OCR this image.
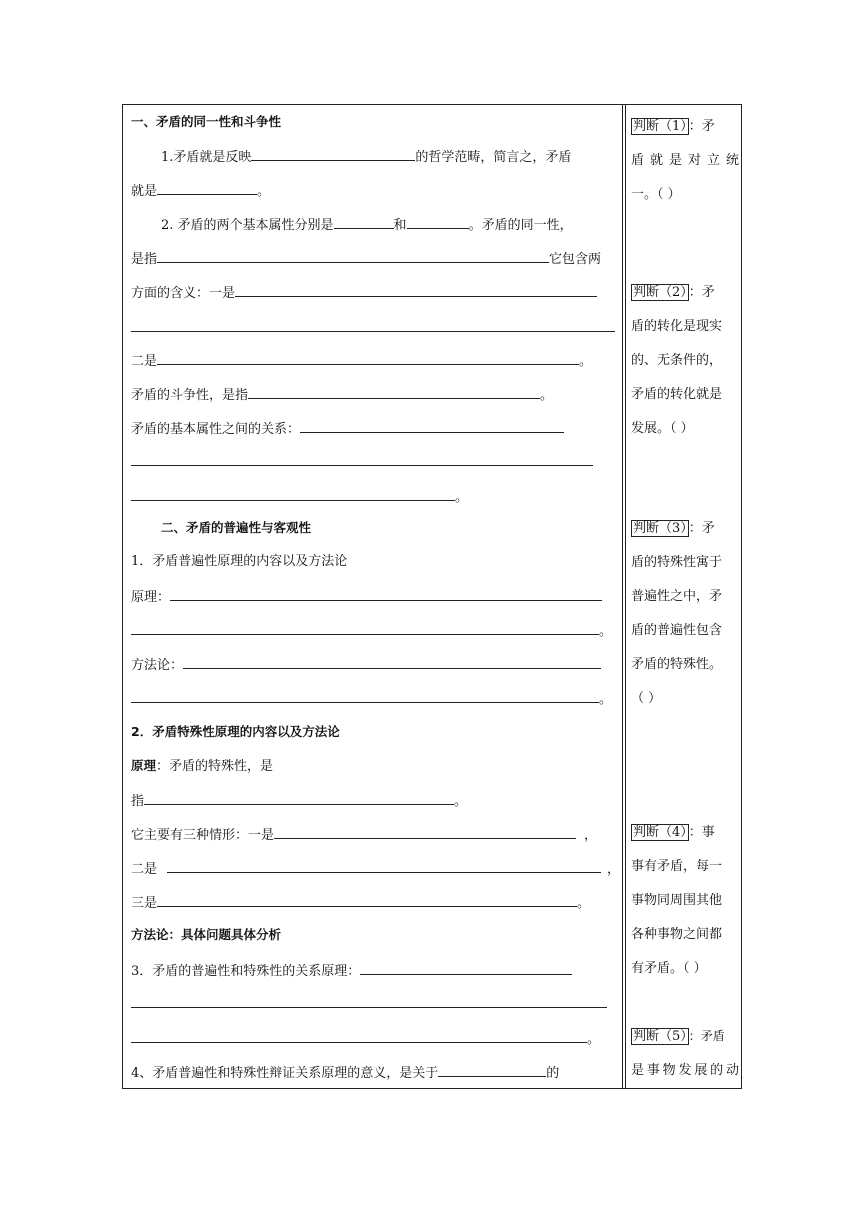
一、矛盾的同一性和斗争性
1.矛盾就是反映	的哲学范畴，简言之，矛盾
就是	。
2. 矛盾的两个基本属性分别是	和	。矛盾的同一性，
是指	它包含两
方面的含义：一是
二是	。
矛盾的斗争性，是指	。
矛盾的基本属性之间的关系：
。
二、矛盾的普遍性与客观性
1．矛盾普遍性原理的内容以及方法论
原理：
。
方法论：
。
2．矛盾特殊性原理的内容以及方法论
原理：矛盾的特殊性，是
指	。
它主要有三种情形：一是	，
二是	，
三是	。
方法论：具体问题具体分析
3．矛盾的普遍性和特殊性的关系原理：
。
4、矛盾普遍性和特殊性辩证关系原理的意义，是关于	的
判断（1） ：矛
盾就是对立统
一。（ ）
判断（2） ：矛
盾的转化是现实
的、无条件的，
矛盾的转化就是
发展。（ ）
判断（3） ：矛
盾的特殊性寓于
普遍性之中，矛
盾的普遍性包含
矛盾的特殊性。
（ ）
判断（4） ：事
事有矛盾，每一
事物同周围其他
各种事物之间都
有矛盾。（ ）
判断（5） ：矛盾
是事物发展的动
